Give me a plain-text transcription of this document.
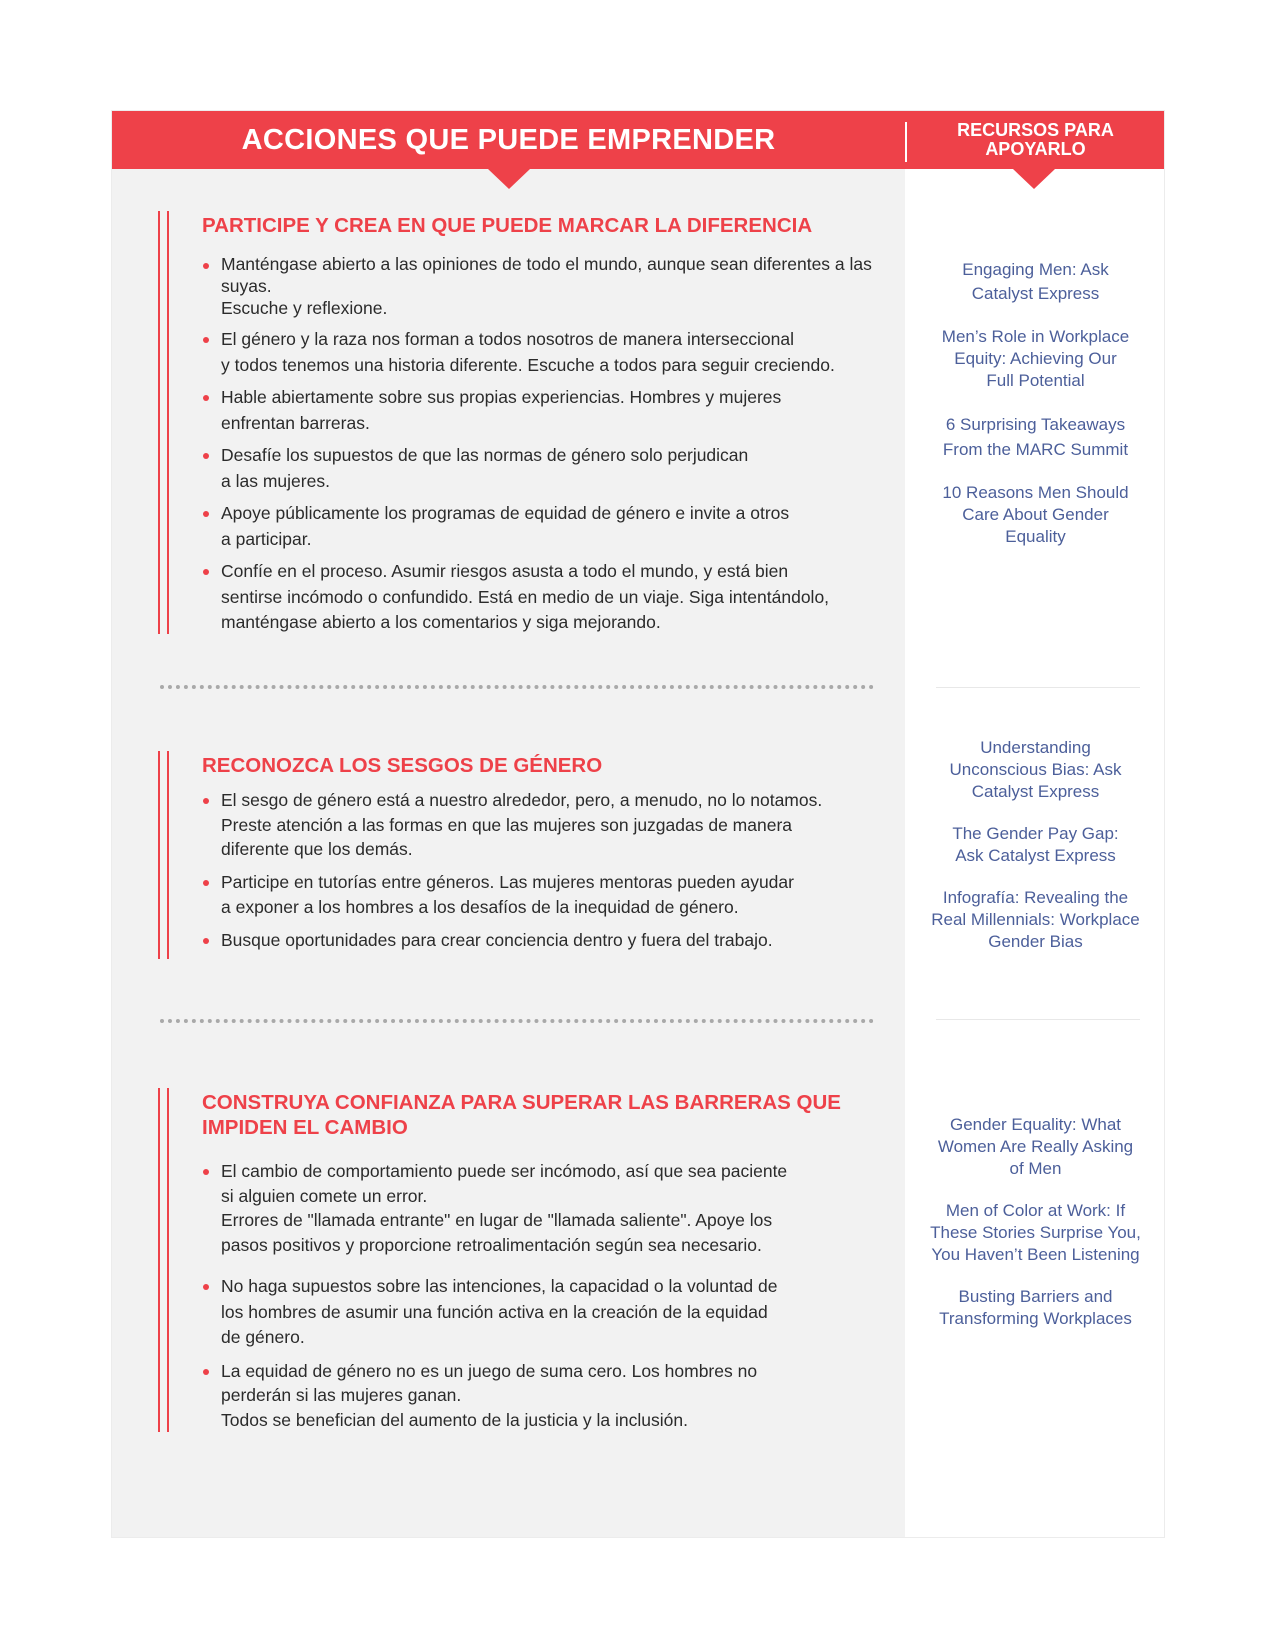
ACCIONES QUE PUEDE EMPRENDER	RECURSOS PARA
APOYARLO
PARTICIPE Y CREA EN QUE PUEDE MARCAR LA DIFERENCIA
Manténgase abierto a las opiniones de todo el mundo, aunque sean diferentes a las suyas.
Escuche y reflexione.
El género y la raza nos forman a todos nosotros de manera interseccional
y todos tenemos una historia diferente. Escuche a todos para seguir creciendo.
Hable abiertamente sobre sus propias experiencias. Hombres y mujeres
enfrentan barreras.
Desafíe los supuestos de que las normas de género solo perjudican
a las mujeres.
Apoye públicamente los programas de equidad de género e invite a otros
a participar.
Confíe en el proceso. Asumir riesgos asusta a todo el mundo, y está bien
sentirse incómodo o confundido. Está en medio de un viaje. Siga intentándolo,
manténgase abierto a los comentarios y siga mejorando.
Engaging Men: Ask
Catalyst Express
Men’s Role in Workplace
Equity: Achieving Our
Full Potential
6 Surprising Takeaways
From the MARC Summit
10 Reasons Men Should
Care About Gender
Equality
RECONOZCA LOS SESGOS DE GÉNERO
El sesgo de género está a nuestro alrededor, pero, a menudo, no lo notamos.
Preste atención a las formas en que las mujeres son juzgadas de manera
diferente que los demás.
Participe en tutorías entre géneros. Las mujeres mentoras pueden ayudar
a exponer a los hombres a los desafíos de la inequidad de género.
Busque oportunidades para crear conciencia dentro y fuera del trabajo.
Understanding
Unconscious Bias: Ask
Catalyst Express
The Gender Pay Gap:
Ask Catalyst Express
Infografía: Revealing the
Real Millennials: Workplace
Gender Bias
CONSTRUYA CONFIANZA PARA SUPERAR LAS BARRERAS QUE IMPIDEN EL CAMBIO
El cambio de comportamiento puede ser incómodo, así que sea paciente
si alguien comete un error.
Errores de "llamada entrante" en lugar de "llamada saliente". Apoye los
pasos positivos y proporcione retroalimentación según sea necesario.
No haga supuestos sobre las intenciones, la capacidad o la voluntad de
los hombres de asumir una función activa en la creación de la equidad
de género.
La equidad de género no es un juego de suma cero. Los hombres no
perderán si las mujeres ganan.
Todos se benefician del aumento de la justicia y la inclusión.
Gender Equality: What
Women Are Really Asking
of Men
Men of Color at Work: If
These Stories Surprise You,
You Haven’t Been Listening
Busting Barriers and
Transforming Workplaces
